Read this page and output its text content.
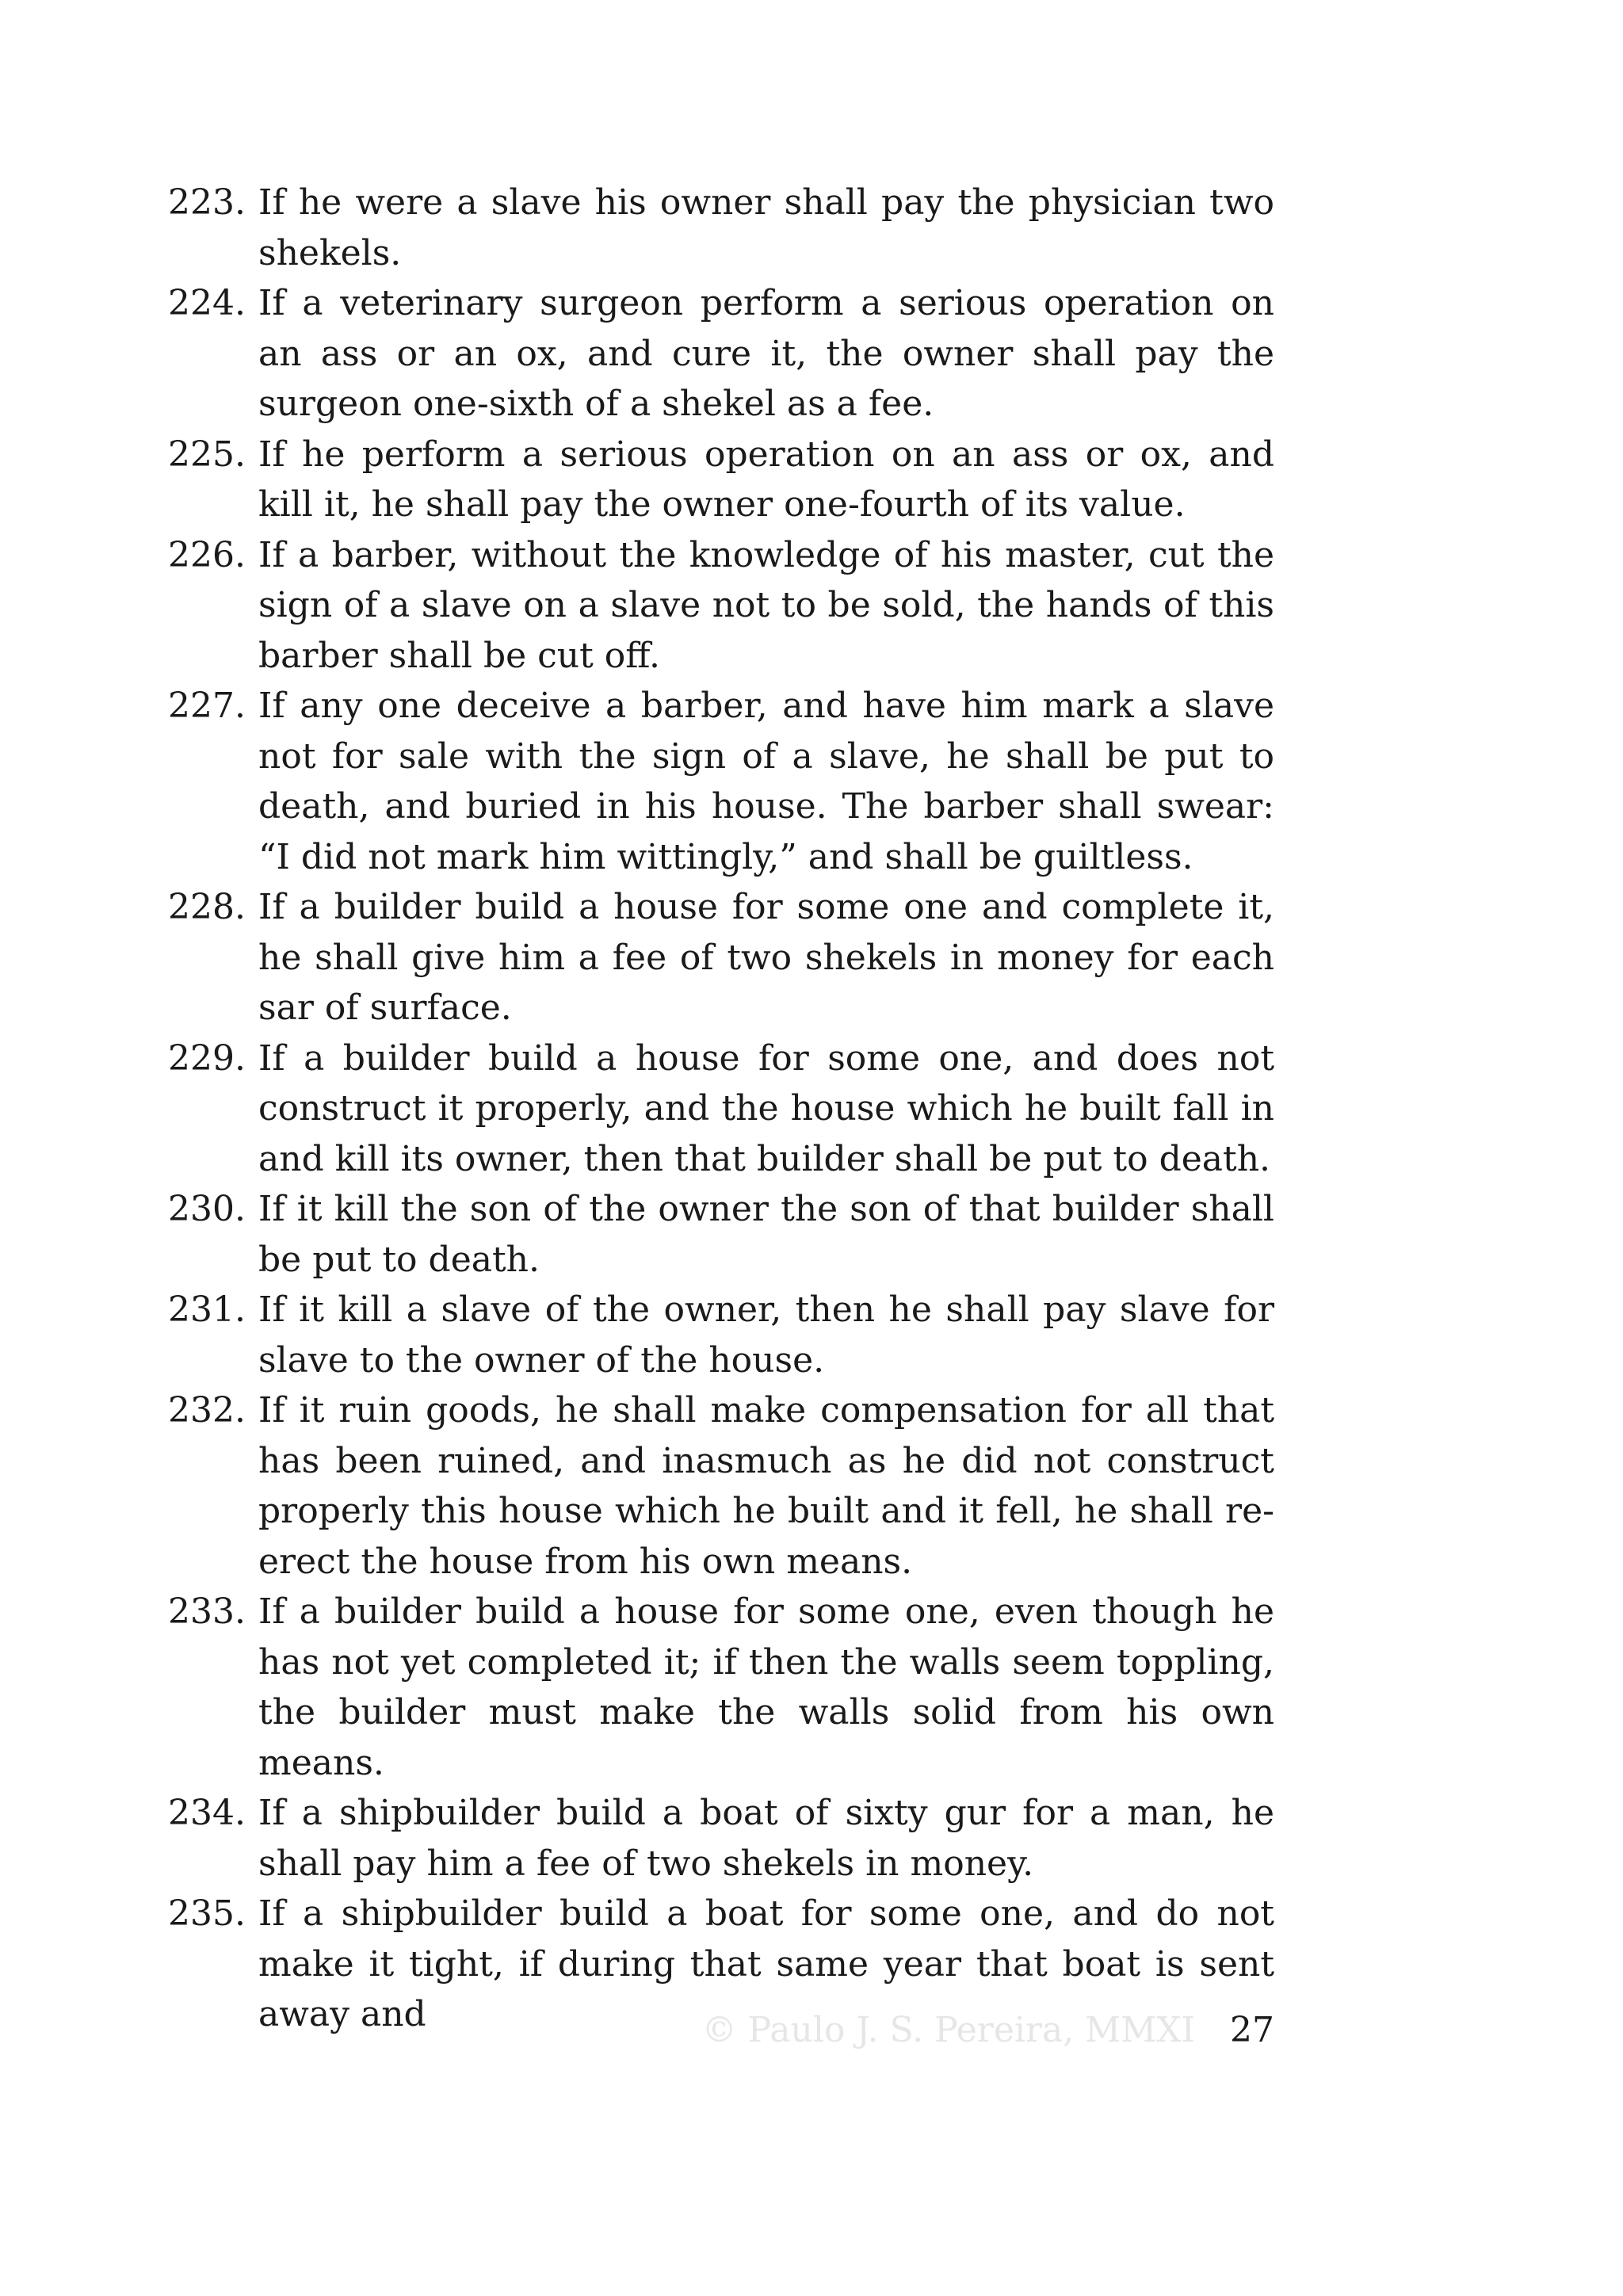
223. If he were a slave his owner shall pay the physician two shekels.
224. If a veterinary surgeon perform a serious operation on an ass or an ox, and cure it, the owner shall pay the surgeon one-sixth of a shekel as a fee.
225. If he perform a serious operation on an ass or ox, and kill it, he shall pay the owner one-fourth of its value.
226. If a barber, without the knowledge of his master, cut the sign of a slave on a slave not to be sold, the hands of this barber shall be cut off.
227. If any one deceive a barber, and have him mark a slave not for sale with the sign of a slave, he shall be put to death, and buried in his house. The barber shall swear: “I did not mark him wittingly,” and shall be guiltless.
228. If a builder build a house for some one and complete it, he shall give him a fee of two shekels in money for each sar of surface.
229. If a builder build a house for some one, and does not construct it properly, and the house which he built fall in and kill its owner, then that builder shall be put to death.
230. If it kill the son of the owner the son of that builder shall be put to death.
231. If it kill a slave of the owner, then he shall pay slave for slave to the owner of the house.
232. If it ruin goods, he shall make compensation for all that has been ruined, and inasmuch as he did not construct properly this house which he built and it fell, he shall re-erect the house from his own means.
233. If a builder build a house for some one, even though he has not yet completed it; if then the walls seem toppling, the builder must make the walls solid from his own means.
234. If a shipbuilder build a boat of sixty gur for a man, he shall pay him a fee of two shekels in money.
235. If a shipbuilder build a boat for some one, and do not make it tight, if during that same year that boat is sent away and	© Paulo J. S. Pereira, MMXI 27
